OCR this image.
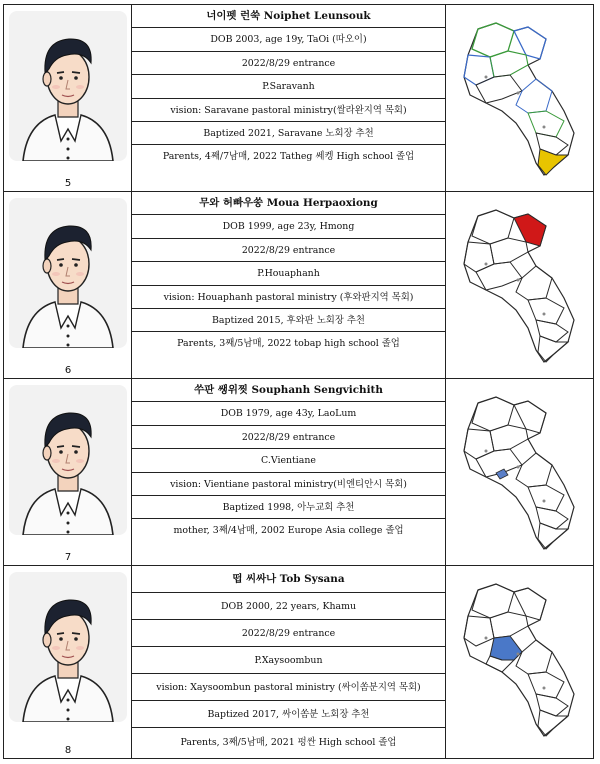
5
너이펫 런쑥 Noiphet Leunsouk
DOB 2003, age 19y, TaOi (따오이)
2022/8/29 entrance
P.Saravanh
vision: Saravane pastoral ministry(쌀라완지역 목회)
Baptized 2021, Saravane 노회장 추천
Parents, 4째/7남매, 2022 Tatheg 쎄켕 High school 졸업
6
무와 허빠우쑹 Moua Herpaoxiong
DOB 1999, age 23y, Hmong
2022/8/29 entrance
P.Houaphanh
vision: Houaphanh pastoral ministry (후와판지역 목회)
Baptized 2015, 후와판 노회장 추천
Parents, 3째/5남매, 2022 tobap high school 졸업
7
쑤판 쌩위찟 Souphanh Sengvichith
DOB 1979, age 43y, LaoLum
2022/8/29 entrance
C.Vientiane
vision: Vientiane pastoral ministry(비엔티안시 목회)
Baptized 1998, 아누교회 추천
mother, 3째/4남매, 2002 Europe Asia college 졸업
8
떱 씨싸나 Tob Sysana
DOB 2000, 22 years, Khamu
2022/8/29 entrance
P.Xaysoombun
vision: Xaysoombun pastoral ministry (싸이쏨분지역 목회)
Baptized 2017, 싸이쏨분 노회장 추천
Parents, 3째/5남매, 2021 펑싼 High school 졸업
